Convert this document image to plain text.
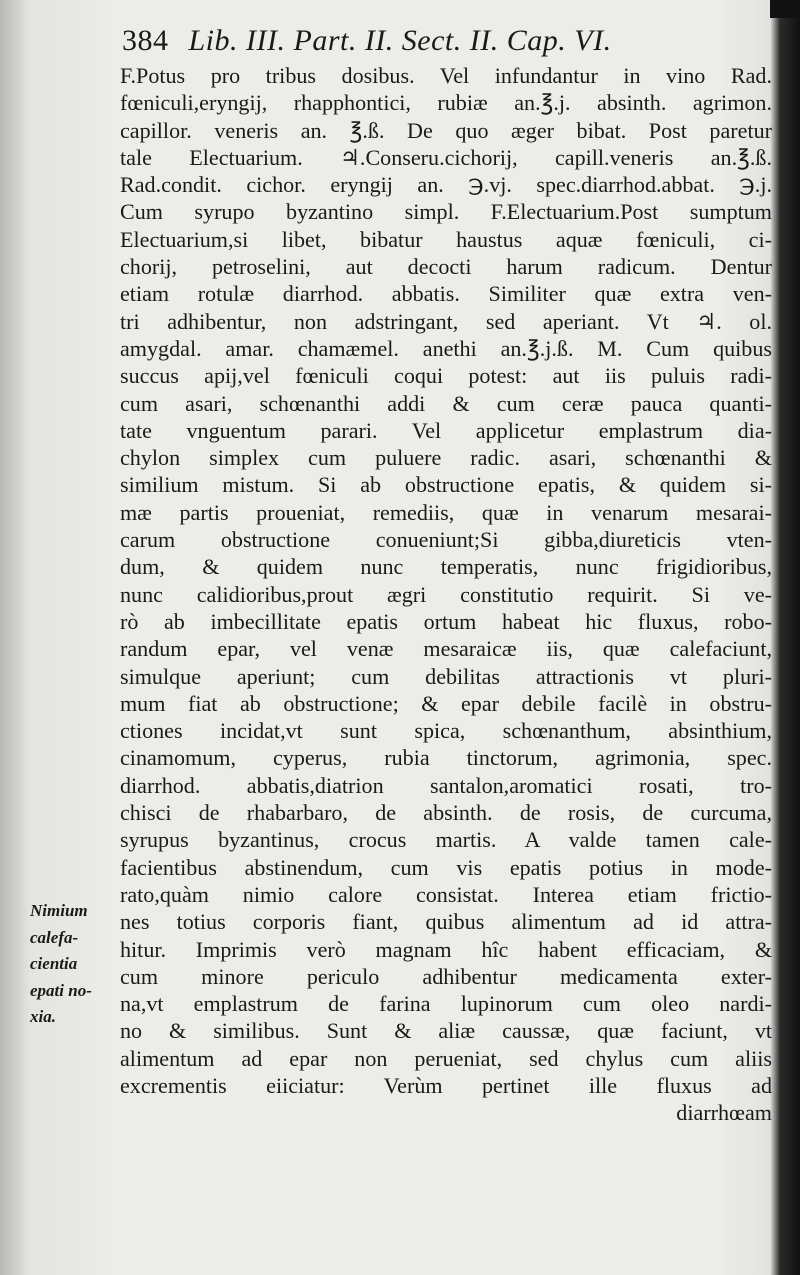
384 Lib. III. Part. II. Sect. II. Cap. VI.
F.Potus pro tribus dosibus. Vel infundantur in vino Rad.
fœniculi,eryngij, rhapphontici, rubiæ an.℥.j. absinth. agrimon.
capillor. veneris an. ℥.ß. De quo æger bibat. Post paretur
tale Electuarium. ♃.Conseru.cichorij, capill.veneris an.℥.ß.
Rad.condit. cichor. eryngij an. ℈.vj. spec.diarrhod.abbat. ℈.j.
Cum syrupo byzantino simpl. F.Electuarium.Post sumptum
Electuarium,si libet, bibatur haustus aquæ fœniculi, ci-
chorij, petroselini, aut decocti harum radicum. Dentur
etiam rotulæ diarrhod. abbatis. Similiter quæ extra ven-
tri adhibentur, non adstringant, sed aperiant. Vt ♃. ol.
amygdal. amar. chamæmel. anethi an.℥.j.ß. M. Cum quibus
succus apij,vel fœniculi coqui potest: aut iis puluis radi-
cum asari, schœnanthi addi & cum ceræ pauca quanti-
tate vnguentum parari. Vel applicetur emplastrum dia-
chylon simplex cum puluere radic. asari, schœnanthi &
similium mistum. Si ab obstructione epatis, & quidem si-
mæ partis proueniat, remediis, quæ in venarum mesarai-
carum obstructione conueniunt;Si gibba,diureticis vten-
dum, & quidem nunc temperatis, nunc frigidioribus,
nunc calidioribus,prout ægri constitutio requirit. Si ve-
rò ab imbecillitate epatis ortum habeat hic fluxus, robo-
randum epar, vel venæ mesaraicæ iis, quæ calefaciunt,
simulque aperiunt; cum debilitas attractionis vt pluri-
mum fiat ab obstructione; & epar debile facilè in obstru-
ctiones incidat,vt sunt spica, schœnanthum, absinthium,
cinamomum, cyperus, rubia tinctorum, agrimonia, spec.
diarrhod. abbatis,diatrion santalon,aromatici rosati, tro-
chisci de rhabarbaro, de absinth. de rosis, de curcuma,
syrupus byzantinus, crocus martis. A valde tamen cale-
facientibus abstinendum, cum vis epatis potius in mode-
rato,quàm nimio calore consistat. Interea etiam frictio-
nes totius corporis fiant, quibus alimentum ad id attra-
hitur. Imprimis verò magnam hîc habent efficaciam, &
cum minore periculo adhibentur medicamenta exter-
na,vt emplastrum de farina lupinorum cum oleo nardi-
no & similibus. Sunt & aliæ caussæ, quæ faciunt, vt
alimentum ad epar non perueniat, sed chylus cum aliis
excrementis eiiciatur: Verùm pertinet ille fluxus ad
diarrhœam
Nimium
calefa-
cientia
epati no-
xia.
